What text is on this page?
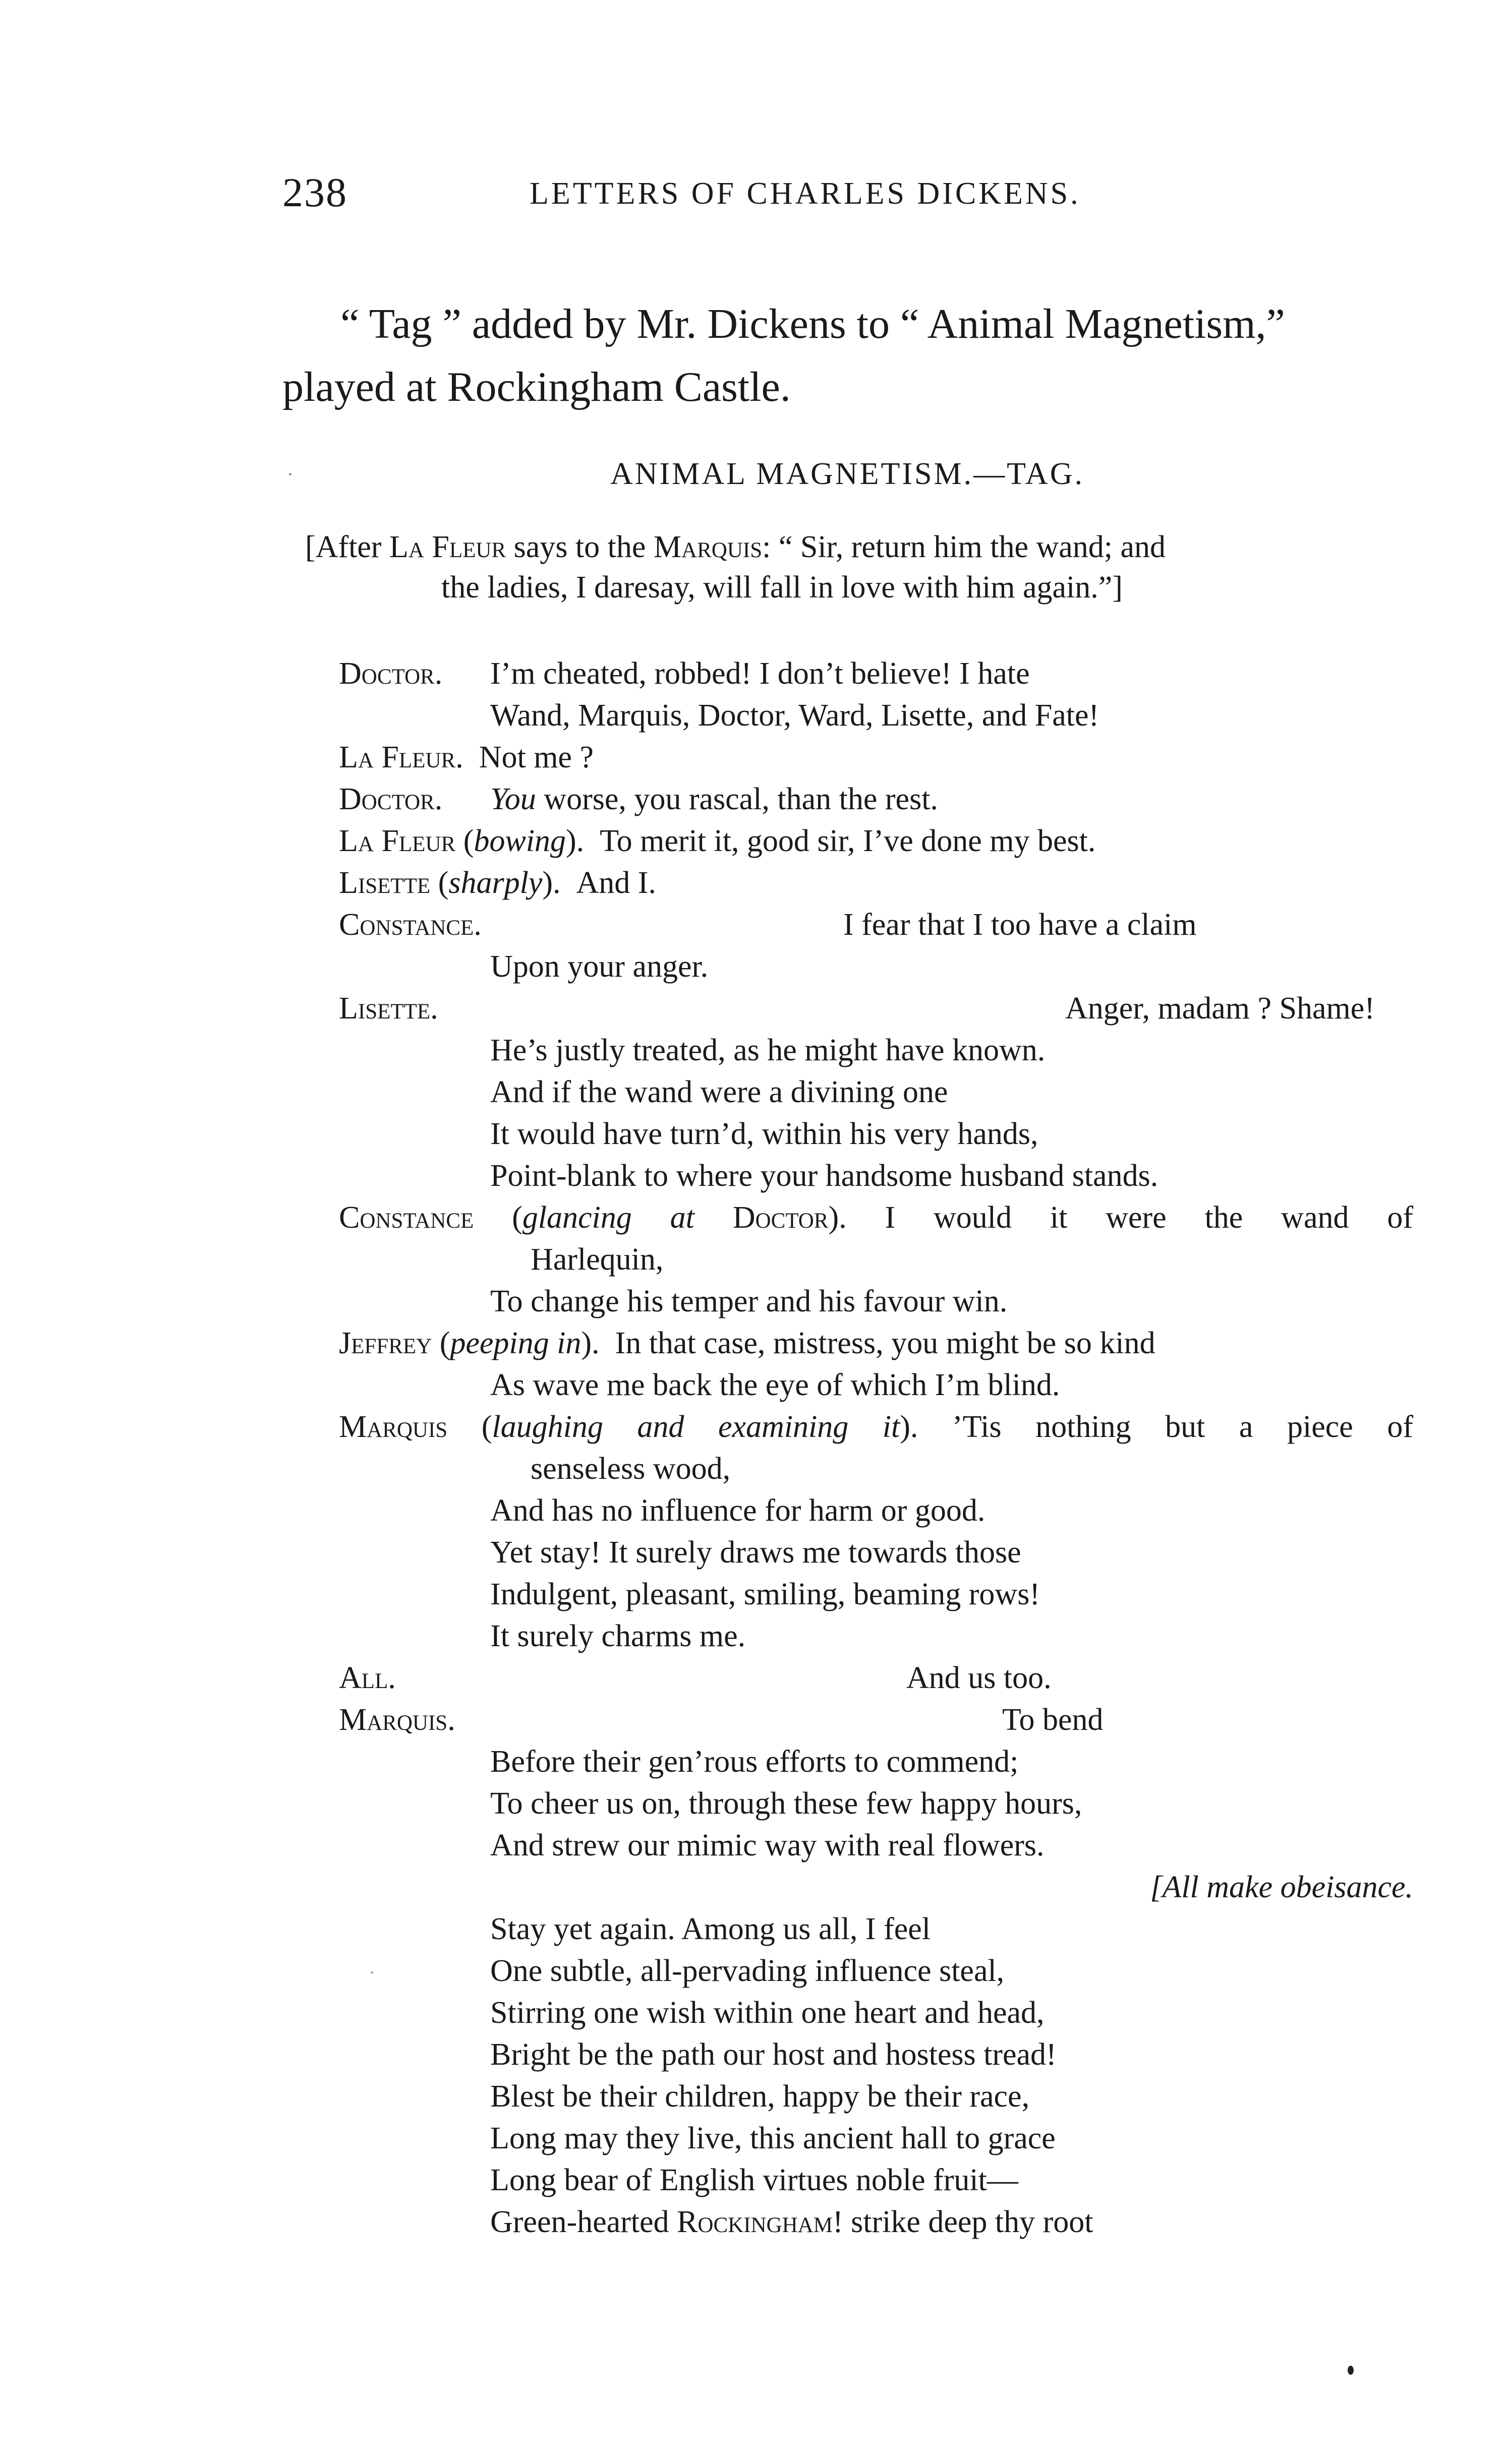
238	LETTERS OF CHARLES DICKENS.
“ Tag ” added by Mr. Dickens to “ Animal Magnetism,”
played at Rockingham Castle.
ANIMAL MAGNETISM.—TAG.
[After La Fleur says to the Marquis: “ Sir, return him the wand; and
the ladies, I daresay, will fall in love with him again.”]
Doctor. I’m cheated, robbed! I don’t believe! I hate
Wand, Marquis, Doctor, Ward, Lisette, and Fate!
La Fleur. Not me ?
Doctor. You worse, you rascal, than the rest.
La Fleur (bowing).  To merit it, good sir, I’ve done my best.
Lisette (sharply).  And I.
Constance.	I fear that I too have a claim
Upon your anger.
Lisette.	Anger, madam ? Shame!
He’s justly treated, as he might have known.
And if the wand were a divining one
It would have turn’d, within his very hands,
Point-blank to where your handsome husband stands.
Constance (glancing at Doctor). I would it were the wand of
Harlequin,
To change his temper and his favour win.
Jeffrey (peeping in).  In that case, mistress, you might be so kind
As wave me back the eye of which I’m blind.
Marquis (laughing and examining it). ’Tis nothing but a piece of
senseless wood,
And has no influence for harm or good.
Yet stay! It surely draws me towards those
Indulgent, pleasant, smiling, beaming rows!
It surely charms me.
All.	And us too.
Marquis.	To bend
Before their gen’rous efforts to commend;
To cheer us on, through these few happy hours,
And strew our mimic way with real flowers.
[All make obeisance.
Stay yet again. Among us all, I feel
One subtle, all-pervading influence steal,
Stirring one wish within one heart and head,
Bright be the path our host and hostess tread!
Blest be their children, happy be their race,
Long may they live, this ancient hall to grace
Long bear of English virtues noble fruit—
Green-hearted Rockingham! strike deep thy root
